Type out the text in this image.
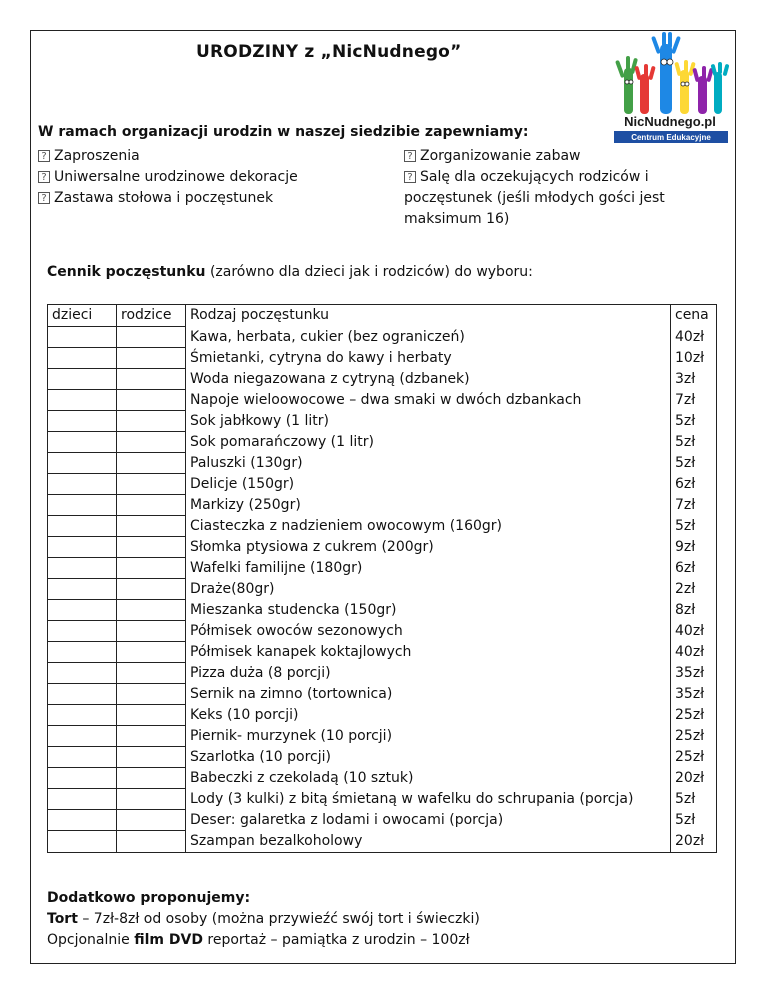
URODZINY z „NicNudnego”
NicNudnego.pl
Centrum Edukacyjne
W ramach organizacji urodzin w naszej siedzibie zapewniamy:
? Zaproszenia
? Uniwersalne urodzinowe dekoracje
? Zastawa stołowa i poczęstunek
? Zorganizowanie zabaw
? Salę dla oczekujących rodziców i poczęstunek (jeśli młodych gości jest maksimum 16)
Cennik poczęstunku (zarówno dla dzieci jak i rodziców) do wyboru:
dzieci	rodzice	Rodzaj poczęstunku	cena
		Kawa, herbata, cukier (bez ograniczeń)	40zł
		Śmietanki, cytryna do kawy i herbaty	10zł
		Woda niegazowana z cytryną (dzbanek)	3zł
		Napoje wieloowocowe – dwa smaki w dwóch dzbankach	7zł
		Sok jabłkowy (1 litr)	5zł
		Sok pomarańczowy (1 litr)	5zł
		Paluszki (130gr)	5zł
		Delicje (150gr)	6zł
		Markizy (250gr)	7zł
		Ciasteczka z nadzieniem owocowym (160gr)	5zł
		Słomka ptysiowa z cukrem (200gr)	9zł
		Wafelki familijne (180gr)	6zł
		Draże(80gr)	2zł
		Mieszanka studencka (150gr)	8zł
		Półmisek owoców sezonowych	40zł
		Półmisek kanapek koktajlowych	40zł
		Pizza duża (8 porcji)	35zł
		Sernik na zimno (tortownica)	35zł
		Keks (10 porcji)	25zł
		Piernik- murzynek (10 porcji)	25zł
		Szarlotka (10 porcji)	25zł
		Babeczki z czekoladą (10 sztuk)	20zł
		Lody (3 kulki) z bitą śmietaną w wafelku do schrupania (porcja)	5zł
		Deser: galaretka z lodami i owocami (porcja)	5zł
		Szampan bezalkoholowy	20zł
Dodatkowo proponujemy:
Tort – 7zł-8zł od osoby (można przywieźć swój tort i świeczki)
Opcjonalnie film DVD reportaż – pamiątka z urodzin – 100zł
